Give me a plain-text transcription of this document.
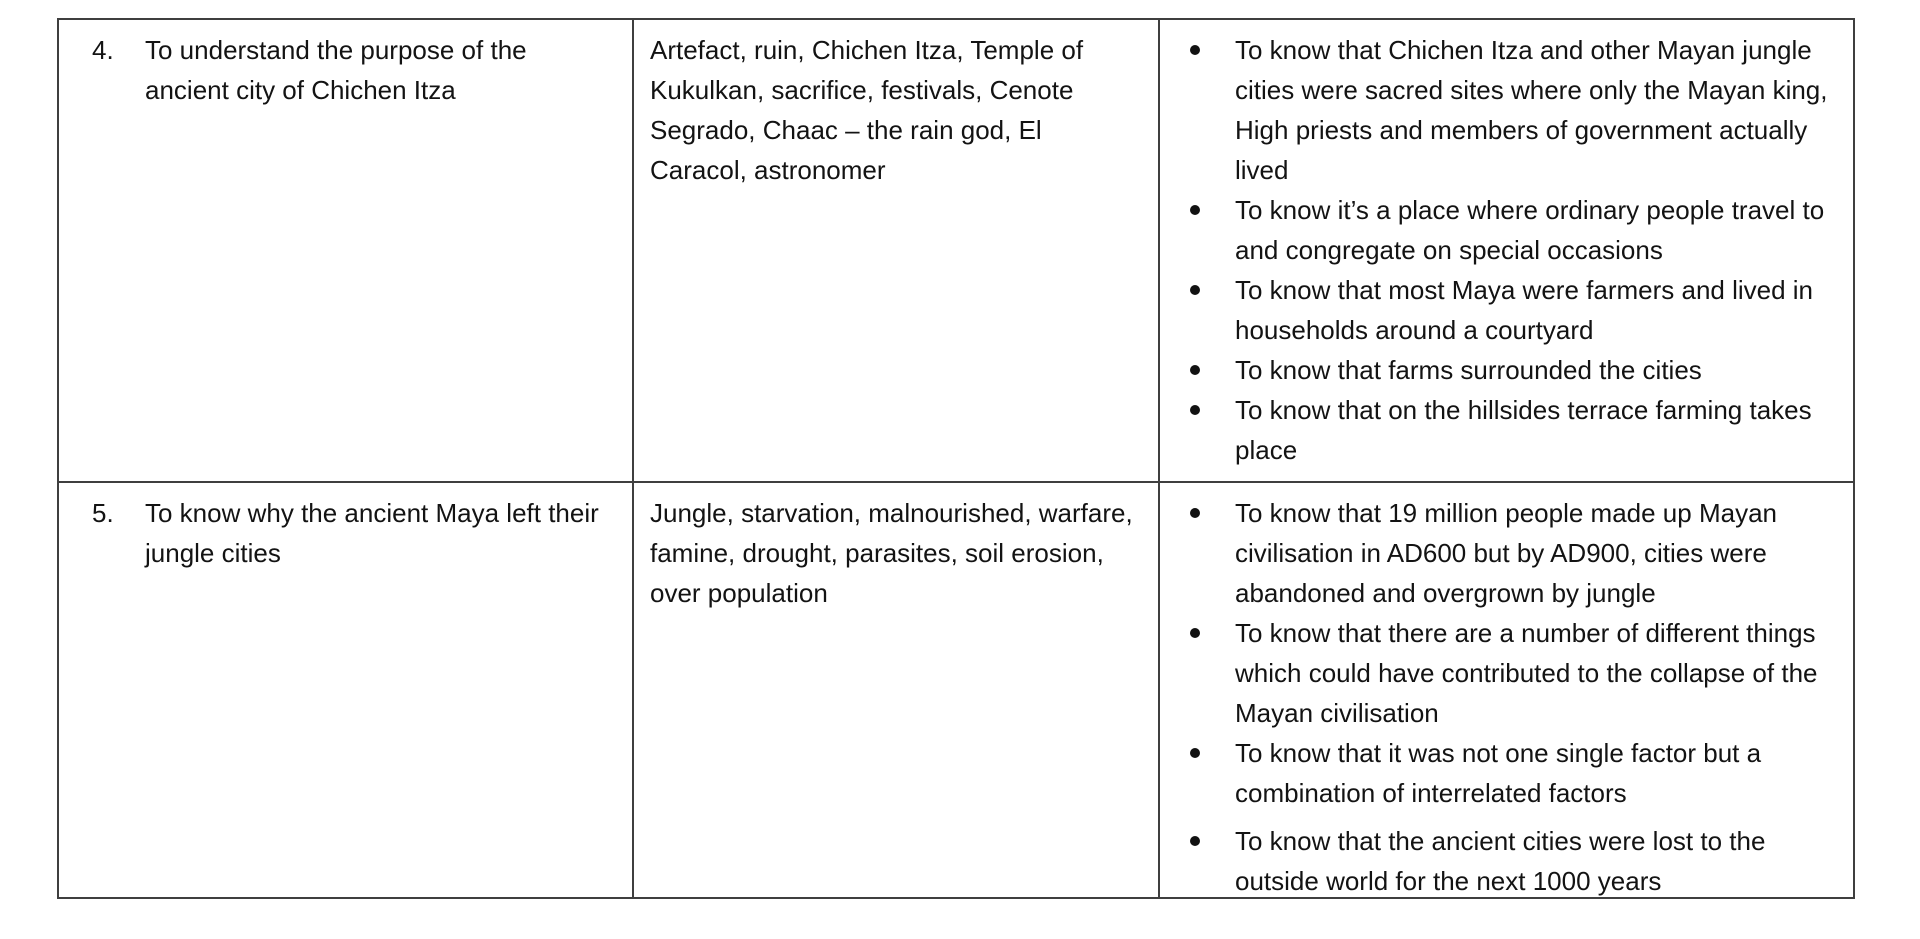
4.	To understand the purpose of the ancient city of Chichen Itza
Artefact, ruin, Chichen Itza, Temple of Kukulkan, sacrifice, festivals, Cenote Segrado, Chaac – the rain god, El Caracol, astronomer
To know that Chichen Itza and other Mayan jungle cities were sacred sites where only the Mayan king, High priests and members of government actually lived
To know it’s a place where ordinary people travel to and congregate on special occasions
To know that most Maya were farmers and lived in households around a courtyard
To know that farms surrounded the cities
To know that on the hillsides terrace farming takes place
5.	To know why the ancient Maya left their jungle cities
Jungle, starvation, malnourished, warfare, famine, drought, parasites, soil erosion, over population
To know that 19 million people made up Mayan civilisation in AD600 but by AD900, cities were abandoned and overgrown by jungle
To know that there are a number of different things which could have contributed to the collapse of the Mayan civilisation
To know that it was not one single factor but a combination of interrelated factors
To know that the ancient cities were lost to the outside world for the next 1000 years
